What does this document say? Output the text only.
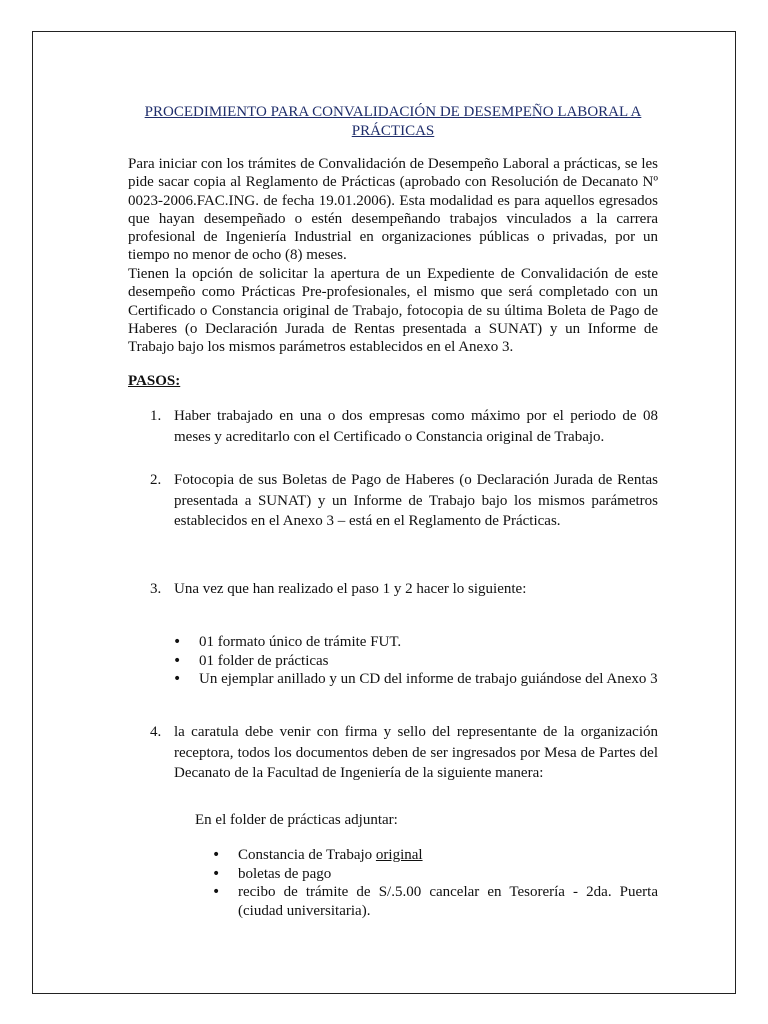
PROCEDIMIENTO PARA CONVALIDACIÓN DE DESEMPEÑO LABORAL A
PRÁCTICAS
Para iniciar con los trámites de Convalidación de Desempeño Laboral a prácticas, se les pide sacar copia al Reglamento de Prácticas (aprobado con Resolución de Decanato Nº 0023-2006.FAC.ING. de fecha 19.01.2006). Esta modalidad es para aquellos egresados que hayan desempeñado o estén desempeñando trabajos vinculados a la carrera profesional de Ingeniería Industrial en organizaciones públicas o privadas, por un tiempo no menor de ocho (8) meses.
Tienen la opción de solicitar la apertura de un Expediente de Convalidación de este desempeño como Prácticas Pre-profesionales, el mismo que será completado con un Certificado o Constancia original de Trabajo, fotocopia de su última Boleta de Pago de Haberes (o Declaración Jurada de Rentas presentada a SUNAT) y un Informe de Trabajo bajo los mismos parámetros establecidos en el Anexo 3.
PASOS:
1. Haber trabajado en una o dos empresas como máximo por el periodo de 08 meses y acreditarlo con el Certificado o Constancia original de Trabajo.
2. Fotocopia de sus Boletas de Pago de Haberes (o Declaración Jurada de Rentas presentada a SUNAT) y un Informe de Trabajo bajo los mismos parámetros establecidos en el Anexo 3 – está en el Reglamento de Prácticas.
3. Una vez que han realizado el paso 1 y 2 hacer lo siguiente:
• 01 formato único de trámite FUT.
• 01 folder de prácticas
• Un ejemplar anillado y un CD del informe de trabajo guiándose del Anexo 3
4. la caratula debe venir con firma y sello del representante de la organización receptora, todos los documentos deben de ser ingresados por Mesa de Partes del Decanato de la Facultad de Ingeniería de la siguiente manera:
En el folder de prácticas adjuntar:
• Constancia de Trabajo original
• boletas de pago
• recibo de trámite de S/.5.00 cancelar en Tesorería - 2da. Puerta (ciudad universitaria).
